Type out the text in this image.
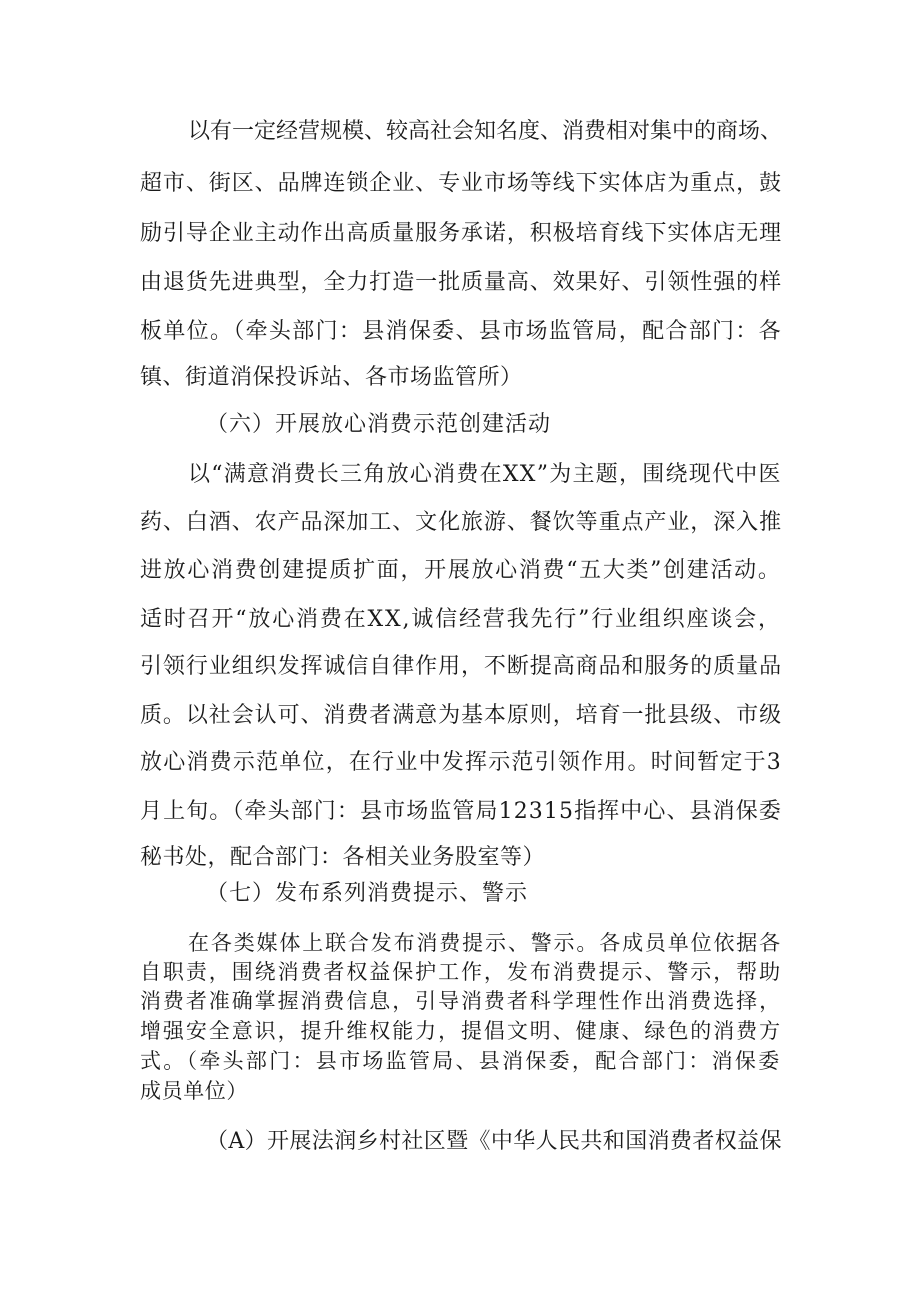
以有一定经营规模、较高社会知名度、消费相对集中的商场、
超市、街区、品牌连锁企业、专业市场等线下实体店为重点，鼓
励引导企业主动作出高质量服务承诺，积极培育线下实体店无理
由退货先进典型，全力打造一批质量高、效果好、引领性强的样
板单位。（牵头部门：县消保委、县市场监管局，配合部门：各
镇、街道消保投诉站、各市场监管所）
（六）开展放心消费示范创建活动
以“满意消费长三角放心消费在XX”为主题，围绕现代中医
药、白酒、农产品深加工、文化旅游、餐饮等重点产业，深入推
进放心消费创建提质扩面，开展放心消费“五大类”创建活动。
适时召开“放心消费在XX,诚信经营我先行”行业组织座谈会，
引领行业组织发挥诚信自律作用，不断提高商品和服务的质量品
质。以社会认可、消费者满意为基本原则，培育一批县级、市级
放心消费示范单位，在行业中发挥示范引领作用。时间暂定于3
月上旬。（牵头部门：县市场监管局12315指挥中心、县消保委
秘书处，配合部门：各相关业务股室等）
（七）发布系列消费提示、警示
在各类媒体上联合发布消费提示、警示。各成员单位依据各
自职责，围绕消费者权益保护工作，发布消费提示、警示，帮助
消费者准确掌握消费信息，引导消费者科学理性作出消费选择，
增强安全意识，提升维权能力，提倡文明、健康、绿色的消费方
式。（牵头部门：县市场监管局、县消保委，配合部门：消保委
成员单位）
（A）开展法润乡村社区暨《中华人民共和国消费者权益保
